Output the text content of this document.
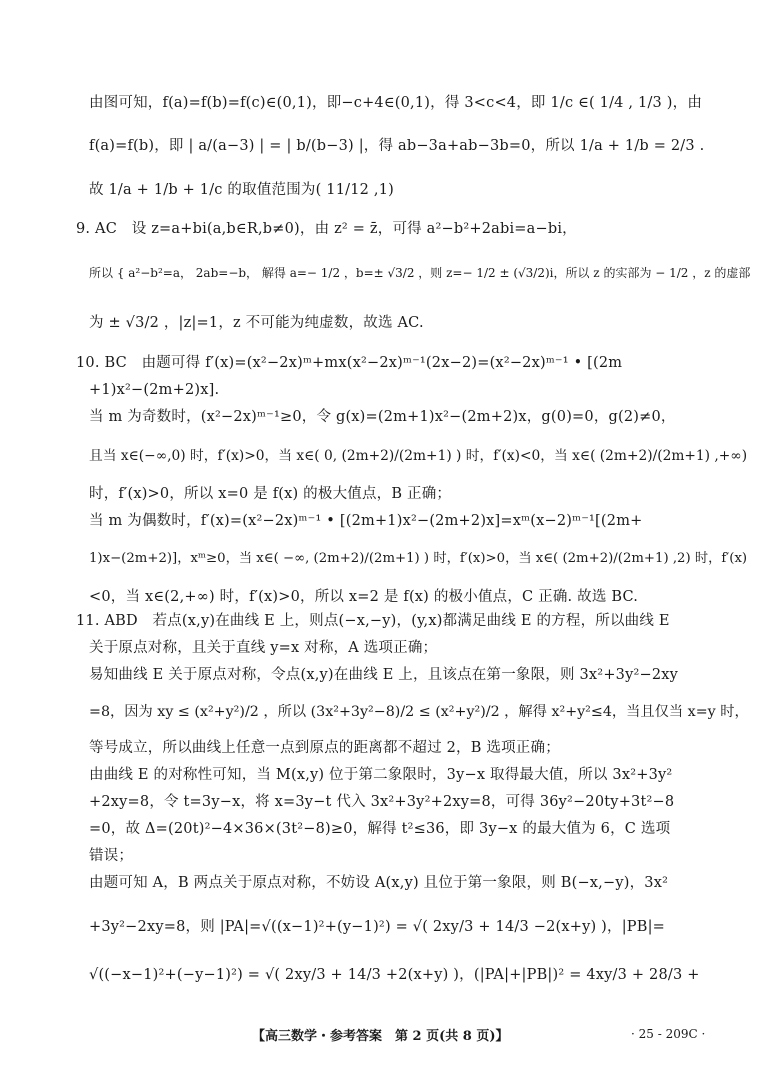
由图可知，f(a)=f(b)=f(c)∈(0,1)，即−c+4∈(0,1)，得 3<c<4，即 1/c ∈( 1/4 , 1/3 )，由
f(a)=f(b)，即 | a/(a−3) | = | b/(b−3) |，得 ab−3a+ab−3b=0，所以 1/a + 1/b = 2/3 .
故 1/a + 1/b + 1/c 的取值范围为( 11/12 ,1)
9. AC　设 z=a+bi(a,b∈R,b≠0)，由 z² = z̄，可得 a²−b²+2abi=a−bi，
所以 { a²−b²=a， 2ab=−b， 解得 a=− 1/2 ，b=± √3/2 ，则 z=− 1/2 ± (√3/2)i，所以 z 的实部为 − 1/2 ，z 的虚部
为 ± √3/2 ，|z|=1，z 不可能为纯虚数，故选 AC.
10. BC　由题可得 f′(x)=(x²−2x)ᵐ+mx(x²−2x)ᵐ⁻¹(2x−2)=(x²−2x)ᵐ⁻¹ • [(2m
+1)x²−(2m+2)x].
当 m 为奇数时，(x²−2x)ᵐ⁻¹≥0，令 g(x)=(2m+1)x²−(2m+2)x，g(0)=0，g(2)≠0，
且当 x∈(−∞,0) 时，f′(x)>0，当 x∈( 0, (2m+2)/(2m+1) ) 时，f′(x)<0，当 x∈( (2m+2)/(2m+1) ,+∞)
时，f′(x)>0，所以 x=0 是 f(x) 的极大值点，B 正确；
当 m 为偶数时，f′(x)=(x²−2x)ᵐ⁻¹ • [(2m+1)x²−(2m+2)x]=xᵐ(x−2)ᵐ⁻¹[(2m+
1)x−(2m+2)]，xᵐ≥0，当 x∈( −∞, (2m+2)/(2m+1) ) 时，f′(x)>0，当 x∈( (2m+2)/(2m+1) ,2) 时，f′(x)
<0，当 x∈(2,+∞) 时，f′(x)>0，所以 x=2 是 f(x) 的极小值点，C 正确. 故选 BC.
11. ABD　若点(x,y)在曲线 E 上，则点(−x,−y)，(y,x)都满足曲线 E 的方程，所以曲线 E
关于原点对称，且关于直线 y=x 对称，A 选项正确；
易知曲线 E 关于原点对称，令点(x,y)在曲线 E 上，且该点在第一象限，则 3x²+3y²−2xy
=8，因为 xy ≤ (x²+y²)/2 ，所以 (3x²+3y²−8)/2 ≤ (x²+y²)/2 ，解得 x²+y²≤4，当且仅当 x=y 时，
等号成立，所以曲线上任意一点到原点的距离都不超过 2，B 选项正确；
由曲线 E 的对称性可知，当 M(x,y) 位于第二象限时，3y−x 取得最大值，所以 3x²+3y²
+2xy=8，令 t=3y−x，将 x=3y−t 代入 3x²+3y²+2xy=8，可得 36y²−20ty+3t²−8
=0，故 Δ=(20t)²−4×36×(3t²−8)≥0，解得 t²≤36，即 3y−x 的最大值为 6，C 选项
错误；
由题可知 A，B 两点关于原点对称，不妨设 A(x,y) 且位于第一象限，则 B(−x,−y)，3x²
+3y²−2xy=8，则 |PA|=√((x−1)²+(y−1)²) = √( 2xy/3 + 14/3 −2(x+y) )，|PB|=
√((−x−1)²+(−y−1)²) = √( 2xy/3 + 14/3 +2(x+y) )，(|PA|+|PB|)² = 4xy/3 + 28/3 +
【高三数学・参考答案　第 2 页(共 8 页)】	· 25 - 209C ·
